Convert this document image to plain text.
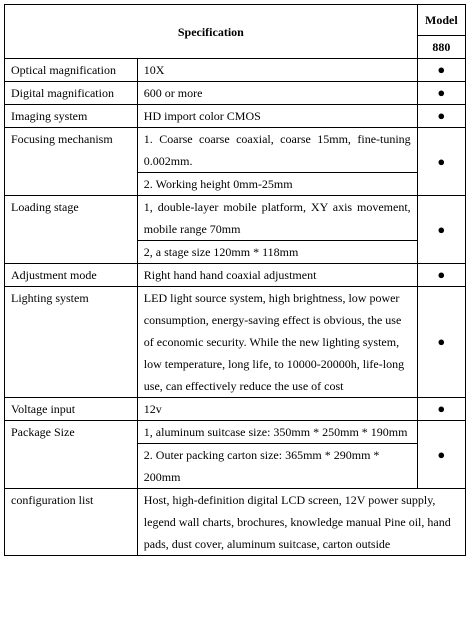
Specification		Model
		880
Optical magnification	10X	●
Digital magnification	600 or more	●
Imaging system	HD import color CMOS	●
Focusing mechanism	1. Coarse coarse coaxial, coarse 15mm, fine-tuning 0.002mm.	●
	2. Working height 0mm-25mm	
Loading stage	1, double-layer mobile platform, XY axis movement, mobile range 70mm	●
	2, a stage size 120mm * 118mm	
Adjustment mode	Right hand hand coaxial adjustment	●
Lighting system	LED light source system, high brightness, low power consumption, energy-saving effect is obvious, the use of economic security. While the new lighting system, low temperature, long life, to 10000-20000h, life-long use, can effectively reduce the use of cost	●
Voltage input	12v	●
Package Size	1, aluminum suitcase size: 350mm * 250mm * 190mm	●
	2. Outer packing carton size: 365mm * 290mm * 200mm	
configuration list	Host, high-definition digital LCD screen, 12V power supply, legend wall charts, brochures, knowledge manual Pine oil, hand pads, dust cover, aluminum suitcase, carton outside	
